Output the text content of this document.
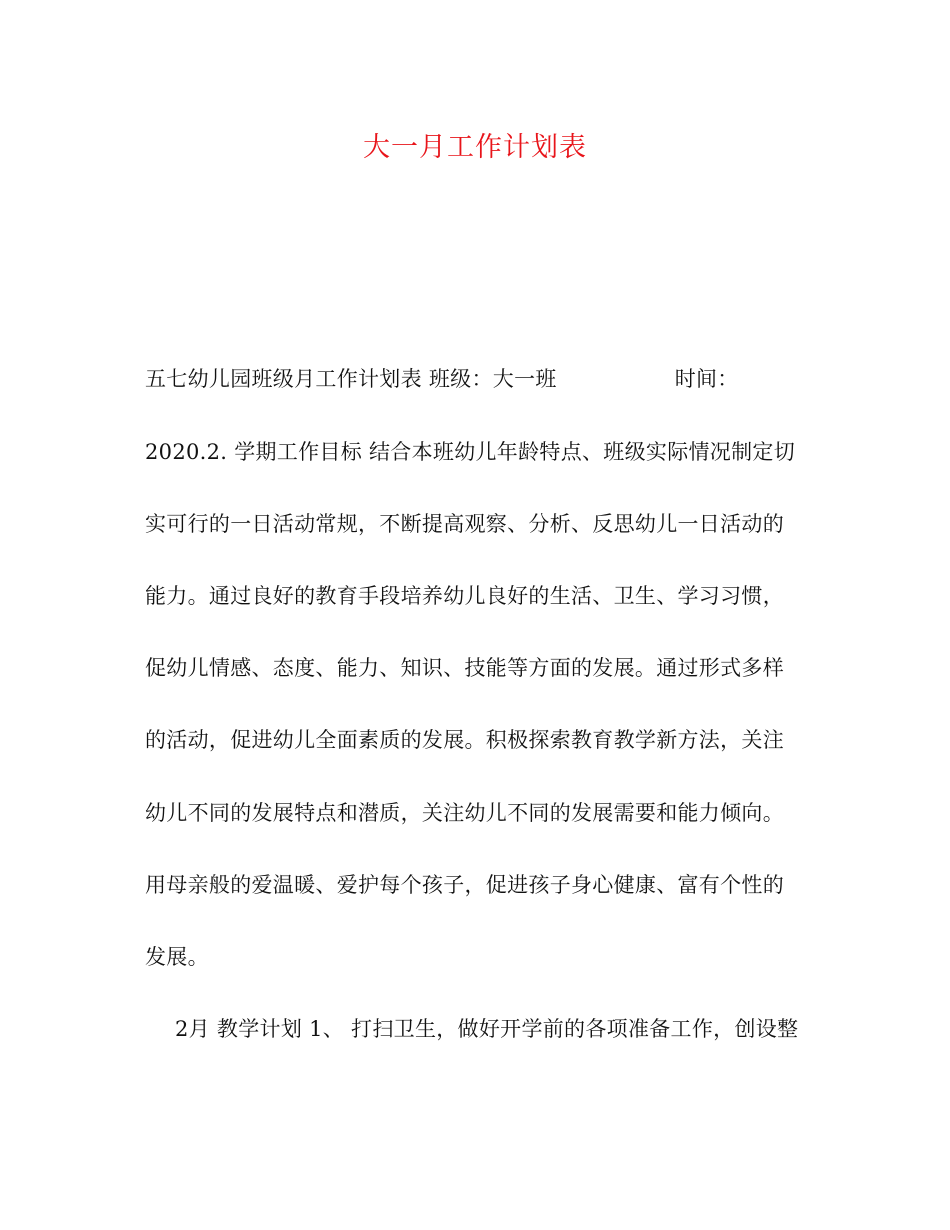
大一月工作计划表

五七幼儿园班级月工作计划表 班级：大一班	时间：

2020.2. 学期工作目标 结合本班幼儿年龄特点、班级实际情况制定切

实可行的一日活动常规，不断提高观察、分析、反思幼儿一日活动的

能力。通过良好的教育手段培养幼儿良好的生活、卫生、学习习惯，

促幼儿情感、态度、能力、知识、技能等方面的发展。通过形式多样

的活动，促进幼儿全面素质的发展。积极探索教育教学新方法，关注

幼儿不同的发展特点和潜质，关注幼儿不同的发展需要和能力倾向。

用母亲般的爱温暖、爱护每个孩子，促进孩子身心健康、富有个性的

发展。

2月 教学计划 1、 打扫卫生，做好开学前的各项准备工作，创设整
